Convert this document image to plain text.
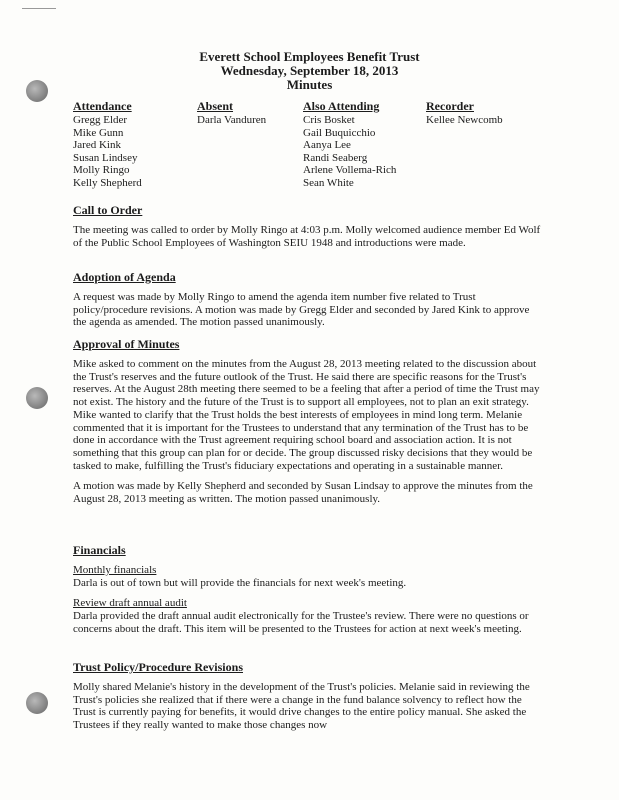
Everett School Employees Benefit Trust
Wednesday, September 18, 2013
Minutes
Attendance
Gregg Elder
Mike Gunn
Jared Kink
Susan Lindsey
Molly Ringo
Kelly Shepherd
Absent
Darla Vanduren
Also Attending
Cris Bosket
Gail Buquicchio
Aanya Lee
Randi Seaberg
Arlene Vollema-Rich
Sean White
Recorder
Kellee Newcomb
Call to Order

The meeting was called to order by Molly Ringo at 4:03 p.m. Molly welcomed audience member Ed Wolf of the Public School Employees of Washington SEIU 1948 and introductions were made.

Adoption of Agenda

A request was made by Molly Ringo to amend the agenda item number five related to Trust policy/procedure revisions. A motion was made by Gregg Elder and seconded by Jared Kink to approve the agenda as amended. The motion passed unanimously.

Approval of Minutes

Mike asked to comment on the minutes from the August 28, 2013 meeting related to the discussion about the Trust's reserves and the future outlook of the Trust. He said there are specific reasons for the Trust's reserves. At the August 28th meeting there seemed to be a feeling that after a period of time the Trust may not exist. The history and the future of the Trust is to support all employees, not to plan an exit strategy. Mike wanted to clarify that the Trust holds the best interests of employees in mind long term. Melanie commented that it is important for the Trustees to understand that any termination of the Trust has to be done in accordance with the Trust agreement requiring school board and association action. It is not something that this group can plan for or decide. The group discussed risky decisions that they would be tasked to make, fulfilling the Trust's fiduciary expectations and operating in a sustainable manner.

A motion was made by Kelly Shepherd and seconded by Susan Lindsay to approve the minutes from the August 28, 2013 meeting as written. The motion passed unanimously.

Financials
Monthly financials

Darla is out of town but will provide the financials for next week's meeting.

Review draft annual audit

Darla provided the draft annual audit electronically for the Trustee's review. There were no questions or concerns about the draft. This item will be presented to the Trustees for action at next week's meeting.

Trust Policy/Procedure Revisions

Molly shared Melanie's history in the development of the Trust's policies. Melanie said in reviewing the Trust's policies she realized that if there were a change in the fund balance solvency to reflect how the Trust is currently paying for benefits, it would drive changes to the entire policy manual. She asked the Trustees if they really wanted to make those changes now
